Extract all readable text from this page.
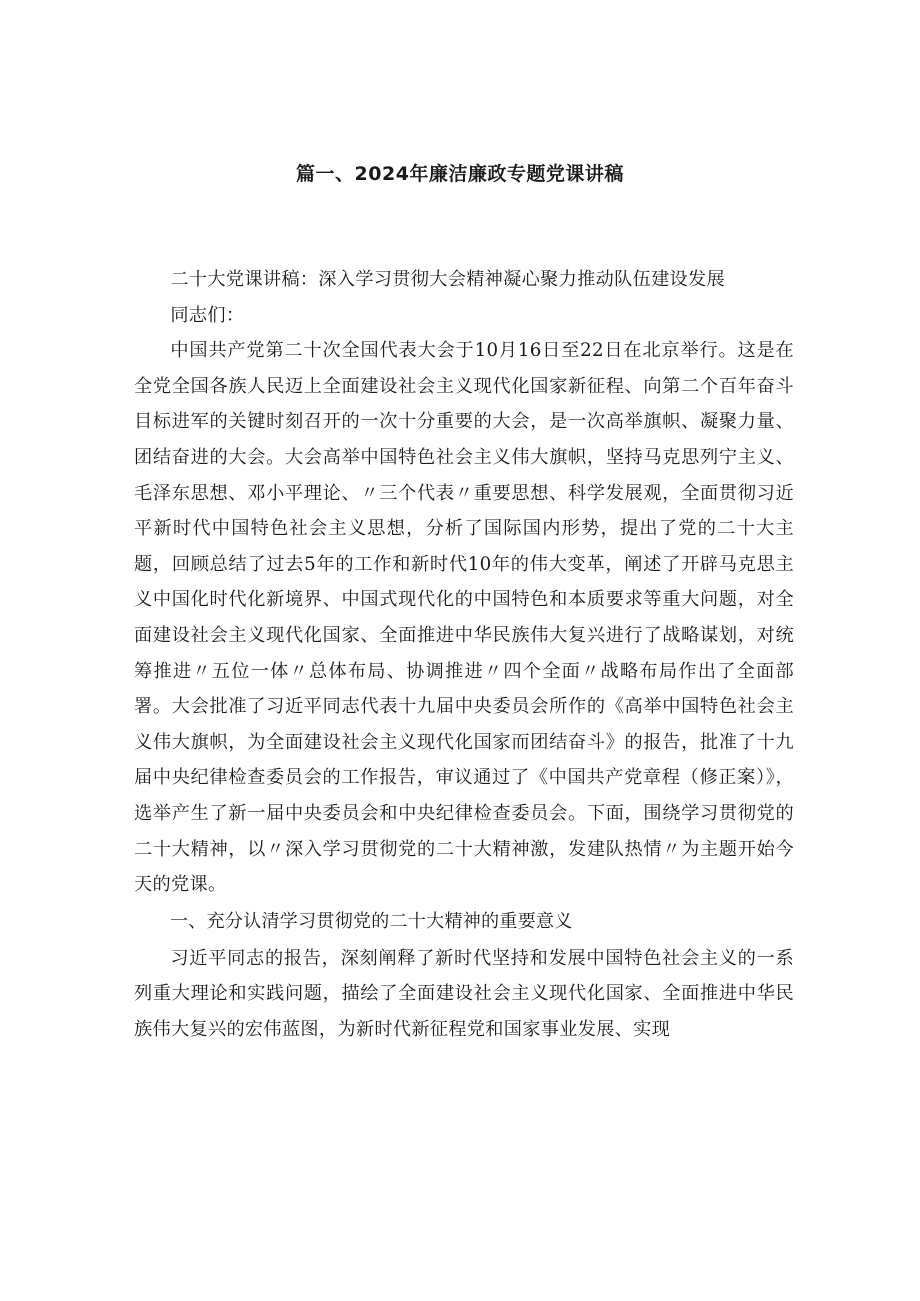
篇一、2024年廉洁廉政专题党课讲稿

二十大党课讲稿：深入学习贯彻大会精神凝心聚力推动队伍建设发展

同志们：

中国共产党第二十次全国代表大会于10月16日至22日在北京举行。这是在全党全国各族人民迈上全面建设社会主义现代化国家新征程、向第二个百年奋斗目标进军的关键时刻召开的一次十分重要的大会，是一次高举旗帜、凝聚力量、团结奋进的大会。大会高举中国特色社会主义伟大旗帜，坚持马克思列宁主义、毛泽东思想、邓小平理论、〃三个代表〃重要思想、科学发展观，全面贯彻习近平新时代中国特色社会主义思想，分析了国际国内形势，提出了党的二十大主题，回顾总结了过去5年的工作和新时代10年的伟大变革，阐述了开辟马克思主义中国化时代化新境界、中国式现代化的中国特色和本质要求等重大问题，对全面建设社会主义现代化国家、全面推进中华民族伟大复兴进行了战略谋划，对统筹推进〃五位一体〃总体布局、协调推进〃四个全面〃战略布局作出了全面部署。大会批准了习近平同志代表十九届中央委员会所作的《高举中国特色社会主义伟大旗帜，为全面建设社会主义现代化国家而团结奋斗》的报告，批准了十九届中央纪律检查委员会的工作报告，审议通过了《中国共产党章程（修正案）》，选举产生了新一届中央委员会和中央纪律检查委员会。下面，围绕学习贯彻党的二十大精神，以〃深入学习贯彻党的二十大精神激，发建队热情〃为主题开始今天的党课。

一、充分认清学习贯彻党的二十大精神的重要意义

习近平同志的报告，深刻阐释了新时代坚持和发展中国特色社会主义的一系列重大理论和实践问题，描绘了全面建设社会主义现代化国家、全面推进中华民族伟大复兴的宏伟蓝图，为新时代新征程党和国家事业发展、实现
